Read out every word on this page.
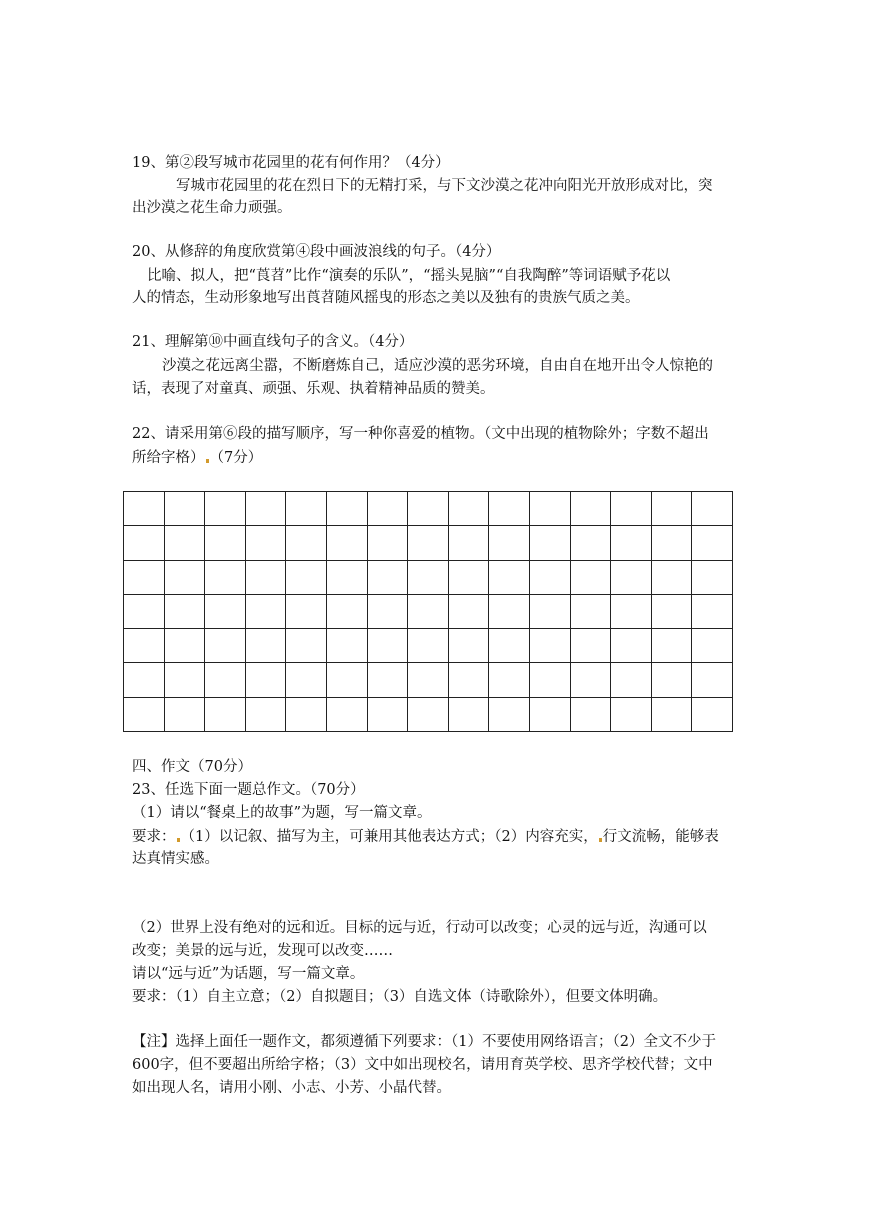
19、第②段写城市花园里的花有何作用？（4分）
写城市花园里的花在烈日下的无精打采，与下文沙漠之花冲向阳光开放形成对比，突
出沙漠之花生命力顽强。
20、从修辞的角度欣赏第④段中画波浪线的句子。（4分）
比喻、拟人，把“莨苕”比作“演奏的乐队”，“摇头晃脑”“自我陶醉”等词语赋予花以
人的情态，生动形象地写出莨苕随风摇曳的形态之美以及独有的贵族气质之美。
21、理解第⑩中画直线句子的含义。（4分）
沙漠之花远离尘嚣，不断磨炼自己，适应沙漠的恶劣环境，自由自在地开出令人惊艳的
话，表现了对童真、顽强、乐观、执着精神品质的赞美。
22、请采用第⑥段的描写顺序，写一种你喜爱的植物。（文中出现的植物除外；字数不超出
所给字格） （7分）

四、作文（70分）
23、任选下面一题总作文。（70分）
（1）请以“餐桌上的故事”为题，写一篇文章。
要求： （1）以记叙、描写为主，可兼用其他表达方式；（2）内容充实， 行文流畅，能够表
达真情实感。
（2）世界上没有绝对的远和近。目标的远与近，行动可以改变；心灵的远与近，沟通可以
改变；美景的远与近，发现可以改变……
请以“远与近”为话题，写一篇文章。
要求：（1）自主立意；（2）自拟题目；（3）自选文体（诗歌除外），但要文体明确。
【注】选择上面任一题作文，都须遵循下列要求：（1）不要使用网络语言；（2）全文不少于
600字，但不要超出所给字格；（3）文中如出现校名，请用育英学校、思齐学校代替；文中
如出现人名，请用小刚、小志、小芳、小晶代替。
